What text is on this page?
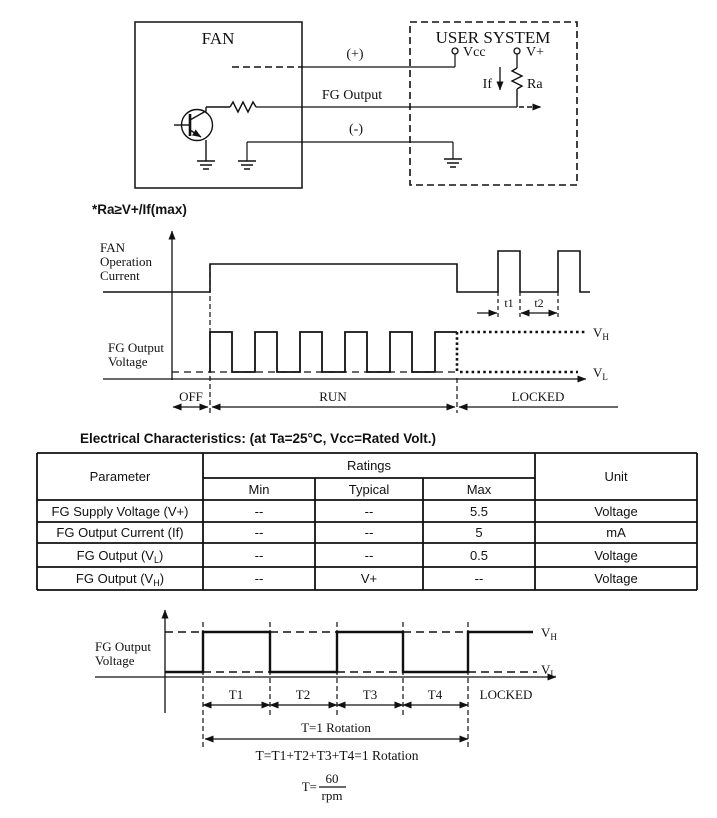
FAN	USER SYSTEM
(+)
FG Output
(-)
Vcc	V+
If	Ra
*Ra≥V+/If(max)
FAN
Operation
Current
t1 t2
FG Output
Voltage
$V_H$
$V_L$
OFF	RUN	LOCKED
Electrical Characteristics: (at Ta=25°C, Vcc=Rated Volt.)
Parameter
Ratings
Unit
Min	Typical	Max
FG Supply Voltage (V+)	--	--	5.5	Voltage
FG Output Current (If)	--	--	5	mA
FG Output $(V_L)$	--	--	0.5	Voltage
FG Output $(V_H)$	--	V+	--	Voltage
FG Output
Voltage
$V_H$
$V_L$
T1	T2	T3	T4	LOCKED
T=1 Rotation
T=T1+T2+T3+T4=1 Rotation
T=
60
rpm
